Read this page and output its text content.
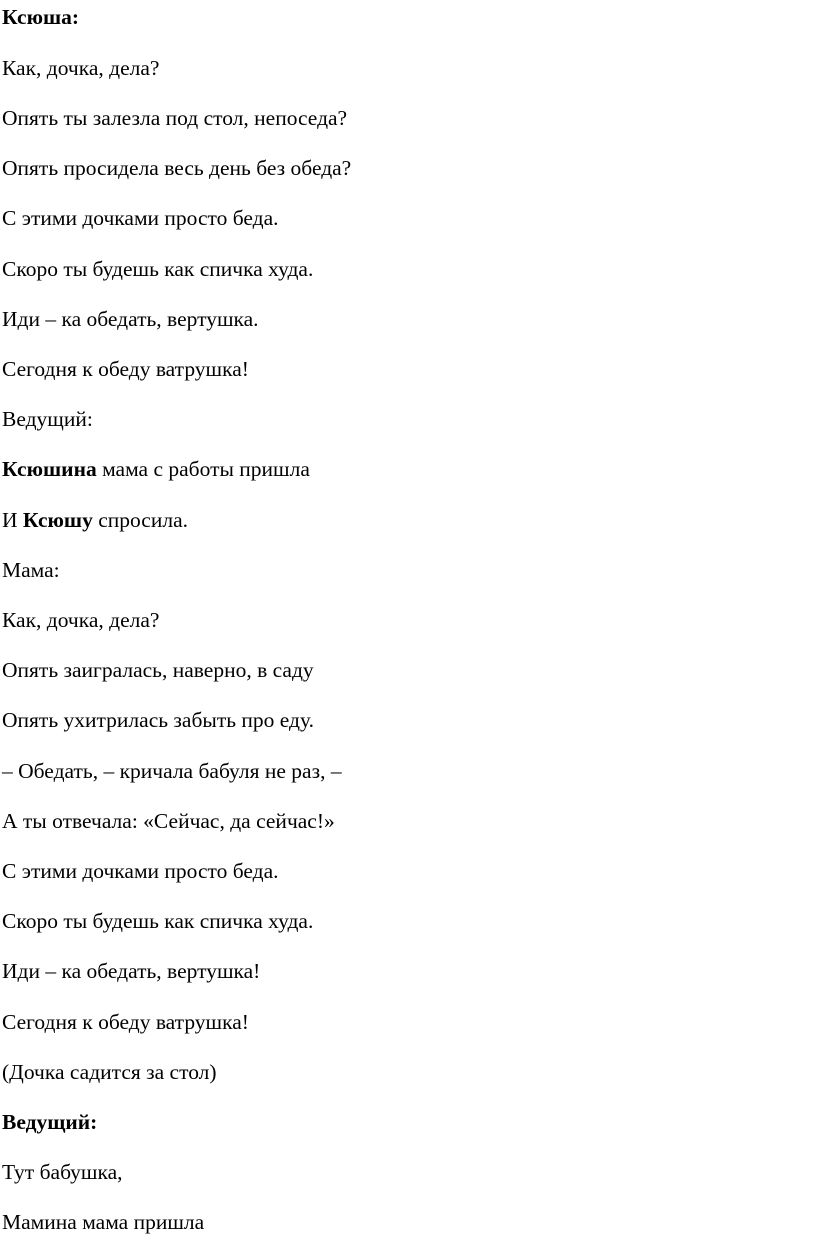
Ксюша:

Как, дочка, дела?

Опять ты залезла под стол, непоседа?

Опять просидела весь день без обеда?

С этими дочками просто беда.

Скоро ты будешь как спичка худа.

Иди – ка обедать, вертушка.

Сегодня к обеду ватрушка!

Ведущий:

Ксюшина мама с работы пришла

И Ксюшу спросила.

Мама:

Как, дочка, дела?

Опять заигралась, наверно, в саду

Опять ухитрилась забыть про еду.

– Обедать, – кричала бабуля не раз, –

А ты отвечала: «Сейчас, да сейчас!»

С этими дочками просто беда.

Скоро ты будешь как спичка худа.

Иди – ка обедать, вертушка!

Сегодня к обеду ватрушка!

(Дочка садится за стол)

Ведущий:

Тут бабушка,

Мамина мама пришла
